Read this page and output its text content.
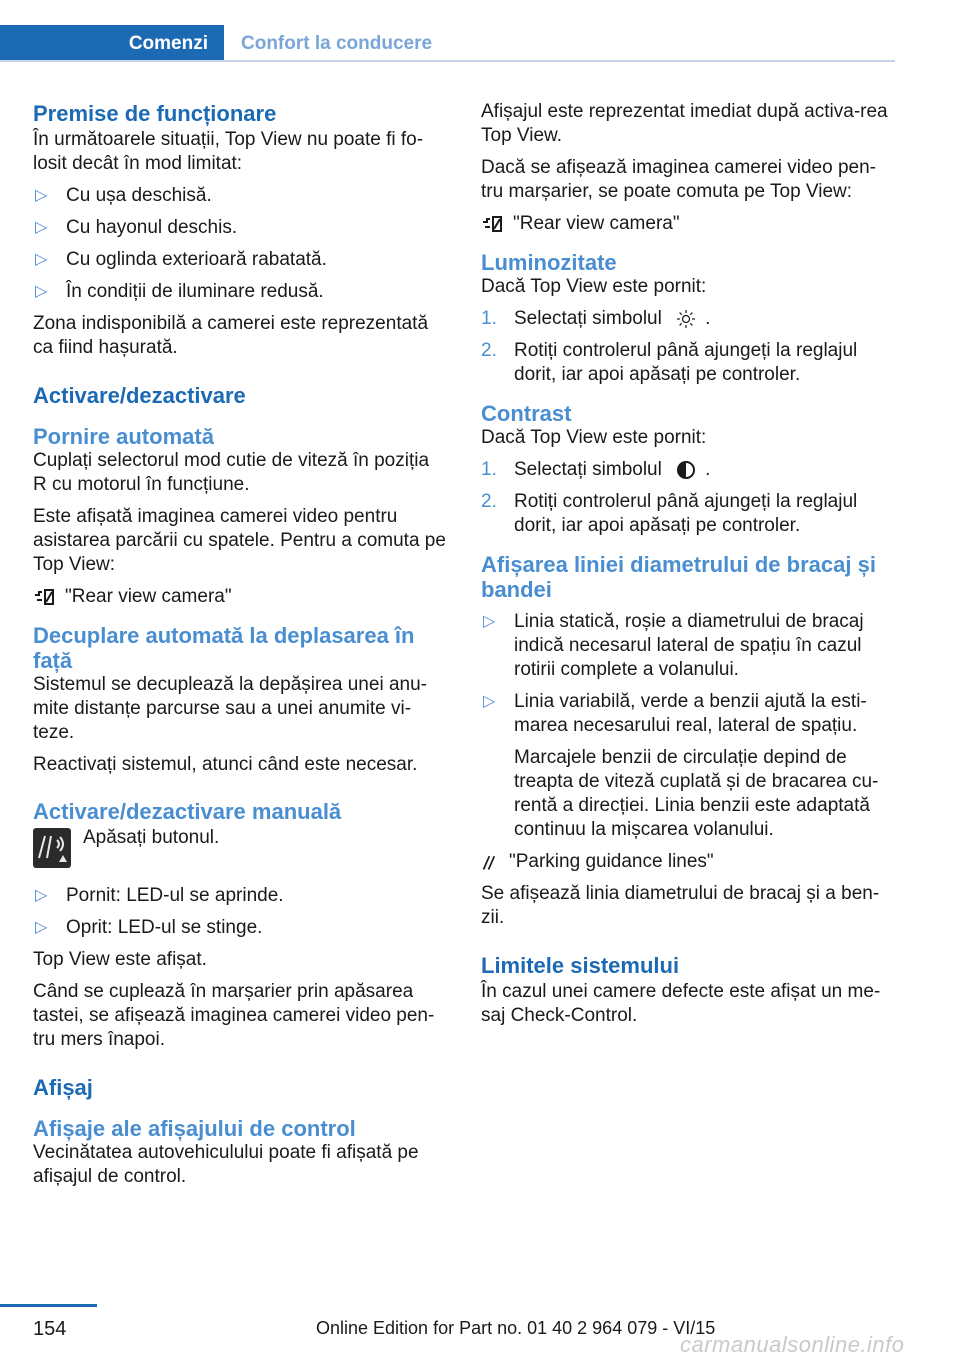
Comenzi Confort la conducere
Premise de funcționare

În următoarele situații, Top View nu poate fi fo-losit decât în mod limitat:

▷ Cu ușa deschisă.
▷ Cu hayonul deschis.
▷ Cu oglinda exterioară rabatată.
▷ În condiții de iluminare redusă.

Zona indisponibilă a camerei este reprezentată ca fiind hașurată.

Activare/dezactivare
Pornire automată

Cuplați selectorul mod cutie de viteză în poziția R cu motorul în funcțiune.

Este afișată imaginea camerei video pentru asistarea parcării cu spatele. Pentru a comuta pe Top View:

"Rear view camera"
Decuplare automată la deplasarea în față

Sistemul se decuplează la depășirea unei anu-mite distanțe parcurse sau a unei anumite vi-teze.

Reactivați sistemul, atunci când este necesar.

Activare/dezactivare manuală

Apăsați butonul.

▷ Pornit: LED-ul se aprinde.
▷ Oprit: LED-ul se stinge.

Top View este afișat.

Când se cuplează în marșarier prin apăsarea tastei, se afișează imaginea camerei video pen-tru mers înapoi.

Afișaj
Afișaje ale afișajului de control

Vecinătatea autovehiculului poate fi afișată pe afișajul de control.

Afișajul este reprezentat imediat după activa-rea Top View.

Dacă se afișează imaginea camerei video pen-tru marșarier, se poate comuta pe Top View:

"Rear view camera"
Luminozitate

Dacă Top View este pornit:

1. Selectați simbolul .
2. Rotiți controlerul până ajungeți la reglajul dorit, iar apoi apăsați pe controler.
Contrast

Dacă Top View este pornit:

1. Selectați simbolul .
2. Rotiți controlerul până ajungeți la reglajul dorit, iar apoi apăsați pe controler.
Afișarea liniei diametrului de bracaj și bandei
▷ Linia statică, roșie a diametrului de bracaj indică necesarul lateral de spațiu în cazul rotirii complete a volanului.
▷ Linia variabilă, verde a benzii ajută la esti-marea necesarului real, lateral de spațiu.

Marcajele benzii de circulație depind de treapta de viteză cuplată și de bracarea cu-rentă a direcției. Linia benzii este adaptată continuu la mișcarea volanului.

"Parking guidance lines"

Se afișează linia diametrului de bracaj și a ben-zii.

Limitele sistemului

În cazul unei camere defecte este afișat un me-saj Check-Control.

154	Online Edition for Part no. 01 40 2 964 079 - VI/15
carmanualsonline.info
